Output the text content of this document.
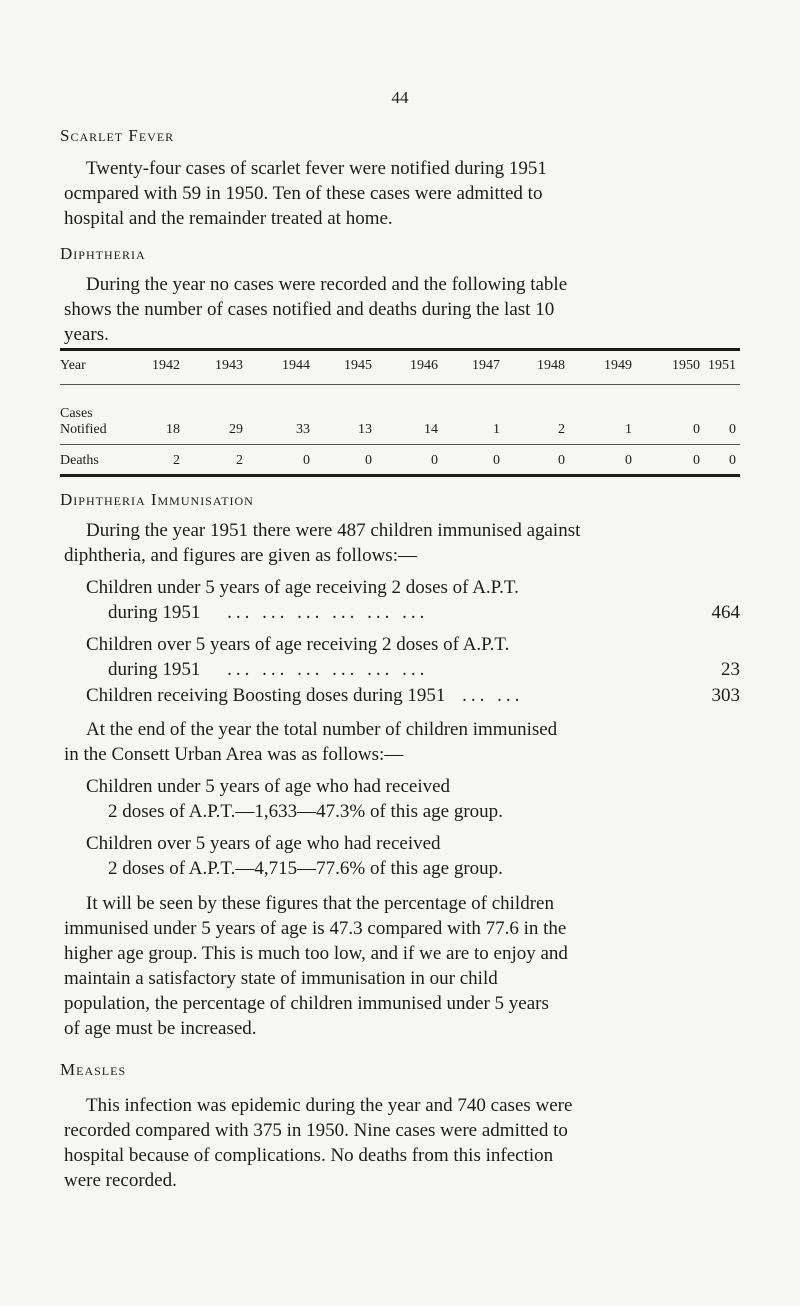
44
Scarlet Fever
Twenty-four cases of scarlet fever were notified during 1951
ocmpared with 59 in 1950. Ten of these cases were admitted to
hospital and the remainder treated at home.
Diphtheria
During the year no cases were recorded and the following table
shows the number of cases notified and deaths during the last 10
years.
Year	1942	1943	1944 1945	1946 1947	1948	1949	1950 1951
Cases
Notified	18	29	33	13	14	1	2	1	0 0
Deaths	2	2	0	0	0	0	0	0	0 0
Diphtheria Immunisation
During the year 1951 there were 487 children immunised against
diphtheria, and figures are given as follows:—
Children under 5 years of age receiving 2 doses of A.P.T.
during 1951 ... ... ... ... ... ...	464
Children over 5 years of age receiving 2 doses of A.P.T.
during 1951 ... ... ... ... ... ...	23
Children receiving Boosting doses during 1951 ... ...	303
At the end of the year the total number of children immunised
in the Consett Urban Area was as follows:—
Children under 5 years of age who had received
2 doses of A.P.T.—1,633—47.3% of this age group.
Children over 5 years of age who had received
2 doses of A.P.T.—4,715—77.6% of this age group.
It will be seen by these figures that the percentage of children
immunised under 5 years of age is 47.3 compared with 77.6 in the
higher age group. This is much too low, and if we are to enjoy and
maintain a satisfactory state of immunisation in our child
population, the percentage of children immunised under 5 years
of age must be increased.
Measles
This infection was epidemic during the year and 740 cases were
recorded compared with 375 in 1950. Nine cases were admitted to
hospital because of complications. No deaths from this infection
were recorded.
